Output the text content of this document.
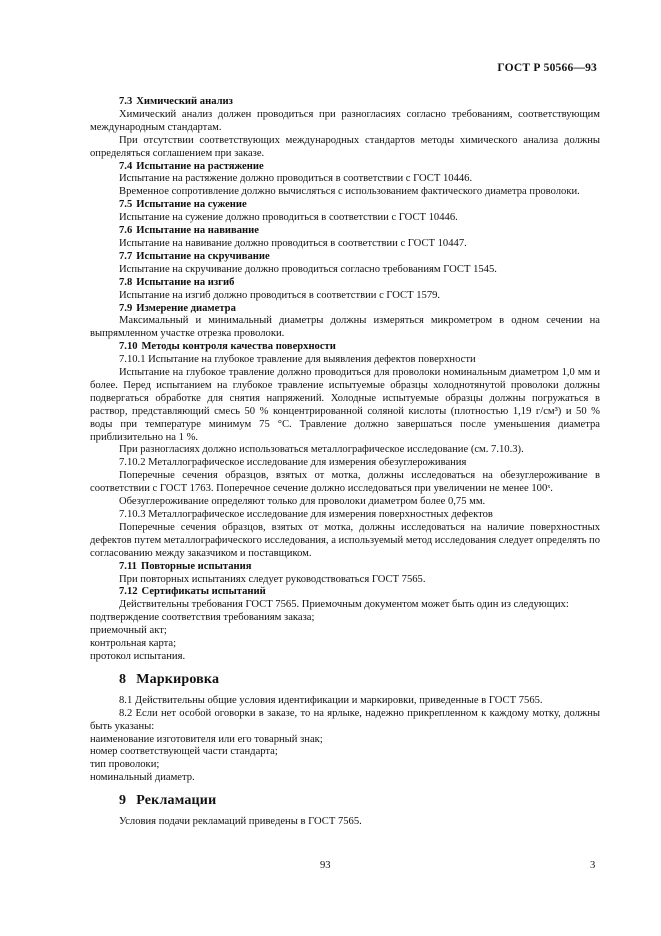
ГОСТ Р 50566—93
7.3 Химический анализ
Химический анализ должен проводиться при разногласиях согласно требованиям, соответствующим международным стандартам.
При отсутствии соответствующих международных стандартов методы химического анализа должны определяться соглашением при заказе.
7.4 Испытание на растяжение
Испытание на растяжение должно проводиться в соответствии с ГОСТ 10446.
Временное сопротивление должно вычисляться с использованием фактического диаметра проволоки.
7.5 Испытание на сужение
Испытание на сужение должно проводиться в соответствии с ГОСТ 10446.
7.6 Испытание на навивание
Испытание на навивание должно проводиться в соответствии с ГОСТ 10447.
7.7 Испытание на скручивание
Испытание на скручивание должно проводиться согласно требованиям ГОСТ 1545.
7.8 Испытание на изгиб
Испытание на изгиб должно проводиться в соответствии с ГОСТ 1579.
7.9 Измерение диаметра
Максимальный и минимальный диаметры должны измеряться микрометром в одном сечении на выпрямленном участке отрезка проволоки.
7.10 Методы контроля качества поверхности
7.10.1 Испытание на глубокое травление для выявления дефектов поверхности
Испытание на глубокое травление должно проводиться для проволоки номинальным диаметром 1,0 мм и более. Перед испытанием на глубокое травление испытуемые образцы холоднотянутой проволоки должны подвергаться обработке для снятия напряжений. Холодные испытуемые образцы должны погружаться в раствор, представляющий смесь 50 % концентрированной соляной кислоты (плотностью 1,19 г/см³) и 50 % воды при температуре минимум 75 °С. Травление должно завершаться после уменьшения диаметра приблизительно на 1 %.
При разногласиях должно использоваться металлографическое исследование (см. 7.10.3).
7.10.2 Металлографическое исследование для измерения обезуглероживания
Поперечные сечения образцов, взятых от мотка, должны исследоваться на обезуглероживание в соответствии с ГОСТ 1763. Поперечное сечение должно исследоваться при увеличении не менее 100ˣ.
Обезуглероживание определяют только для проволоки диаметром более 0,75 мм.
7.10.3 Металлографическое исследование для измерения поверхностных дефектов
Поперечные сечения образцов, взятых от мотка, должны исследоваться на наличие поверхностных дефектов путем металлографического исследования, а используемый метод исследования следует определять по согласованию между заказчиком и поставщиком.
7.11 Повторные испытания
При повторных испытаниях следует руководствоваться ГОСТ 7565.
7.12 Сертификаты испытаний
Действительны требования ГОСТ 7565. Приемочным документом может быть один из следующих:
подтверждение соответствия требованиям заказа;
приемочный акт;
контрольная карта;
протокол испытания.
8 Маркировка
8.1 Действительны общие условия идентификации и маркировки, приведенные в ГОСТ 7565.
8.2 Если нет особой оговорки в заказе, то на ярлыке, надежно прикрепленном к каждому мотку, должны быть указаны:
наименование изготовителя или его товарный знак;
номер соответствующей части стандарта;
тип проволоки;
номинальный диаметр.
9 Рекламации
Условия подачи рекламаций приведены в ГОСТ 7565.
93	3
